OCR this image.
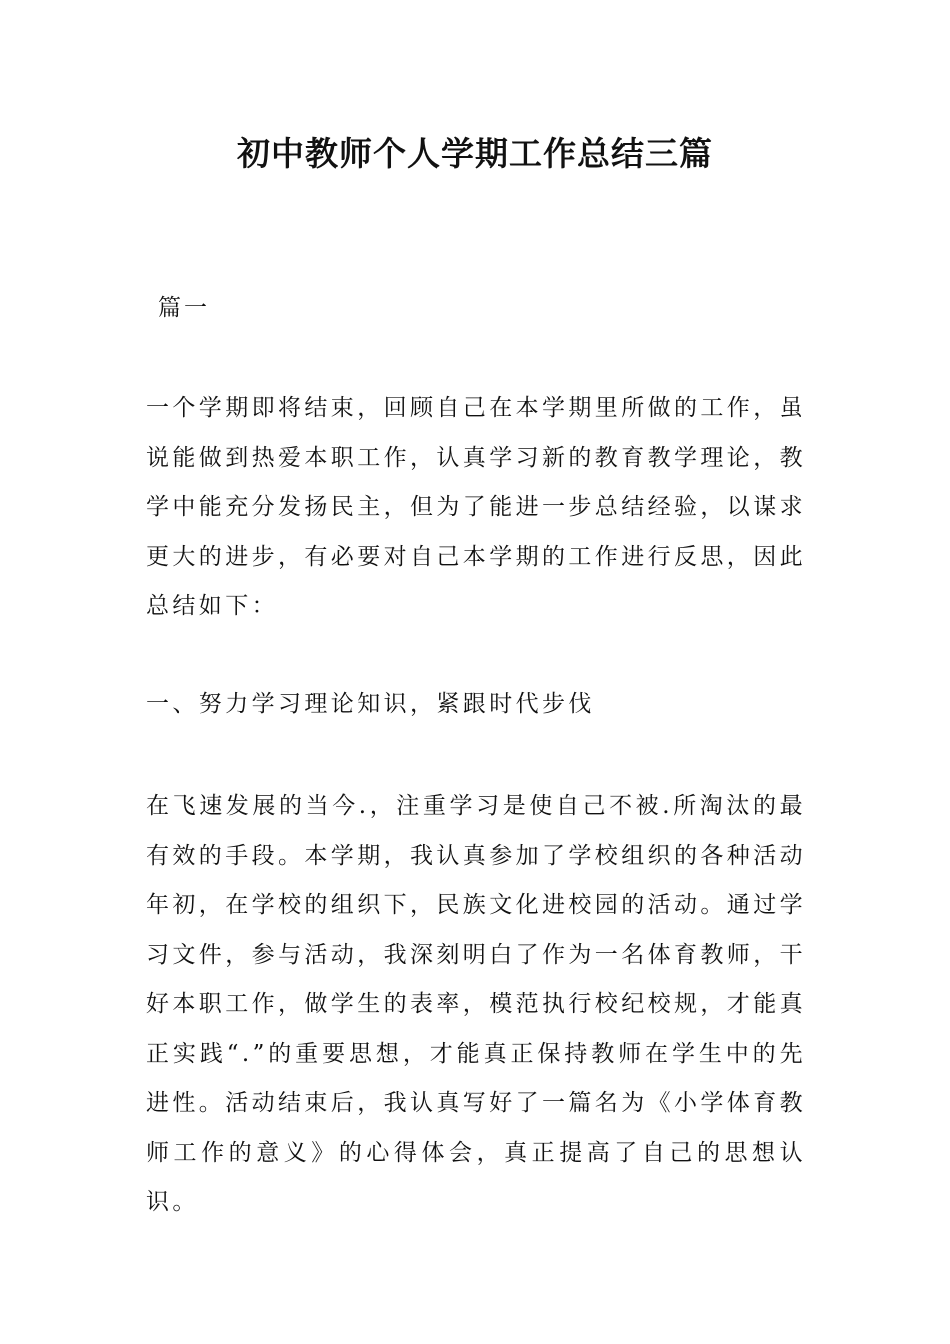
初中教师个人学期工作总结三篇

篇一

一个学期即将结束，回顾自己在本学期里所做的工作，虽说能做到热爱本职工作，认真学习新的教育教学理论，教学中能充分发扬民主，但为了能进一步总结经验，以谋求更大的进步，有必要对自己本学期的工作进行反思，因此总结如下：

一、努力学习理论知识，紧跟时代步伐

在飞速发展的当今.，注重学习是使自己不被.所淘汰的最有效的手段。本学期，我认真参加了学校组织的各种活动年初，在学校的组织下，民族文化进校园的活动。通过学习文件，参与活动，我深刻明白了作为一名体育教师，干好本职工作，做学生的表率，模范执行校纪校规，才能真正实践“.”的重要思想，才能真正保持教师在学生中的先进性。活动结束后，我认真写好了一篇名为《小学体育教师工作的意义》的心得体会，真正提高了自己的思想认识。
